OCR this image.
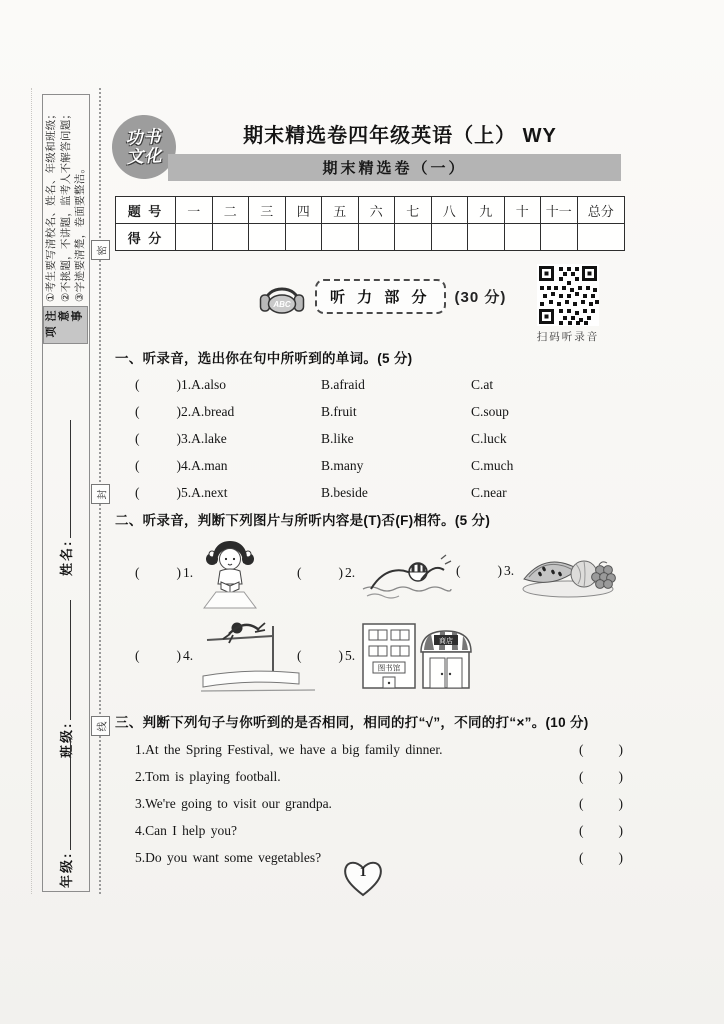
注意事项
①考生要写清校名、姓名、年级和班级； ②不挑题，不讲题，监考人不解答问题； ③字迹要清楚，卷面要整洁。
姓名:
班级:
年级:
密
封
线
功书
文化
期末精选卷四年级英语（上） WY
期末精选卷（一）
题 号	一	二	三	四	五	六	七	八	九	十	十一	总分
得 分
ABC	听 力 部 分	(30 分)
扫码听录音
一、听录音，选出你在句中所听到的单词。(5 分)
(	) 1.A.also	B.afraid	C.at
(	) 2.A.bread	B.fruit	C.soup
(	) 3.A.lake	B.like	C.luck
(	) 4.A.man	B.many	C.much
(	) 5.A.next	B.beside	C.near
二、听录音，判断下列图片与所听内容是(T)否(F)相符。(5 分)
(	) 1.	(	) 2.	(	) 3.
(	) 4.	(	) 5.
图书馆
商店
三、判断下列句子与你听到的是否相同，相同的打“√”，不同的打“×”。(10 分)
1.At the Spring Festival, we have a big family dinner.	(	)
2.Tom is playing football.	(	)
3.We're going to visit our grandpa.	(	)
4.Can I help you?	(	)
5.Do you want some vegetables?	(	)
1
